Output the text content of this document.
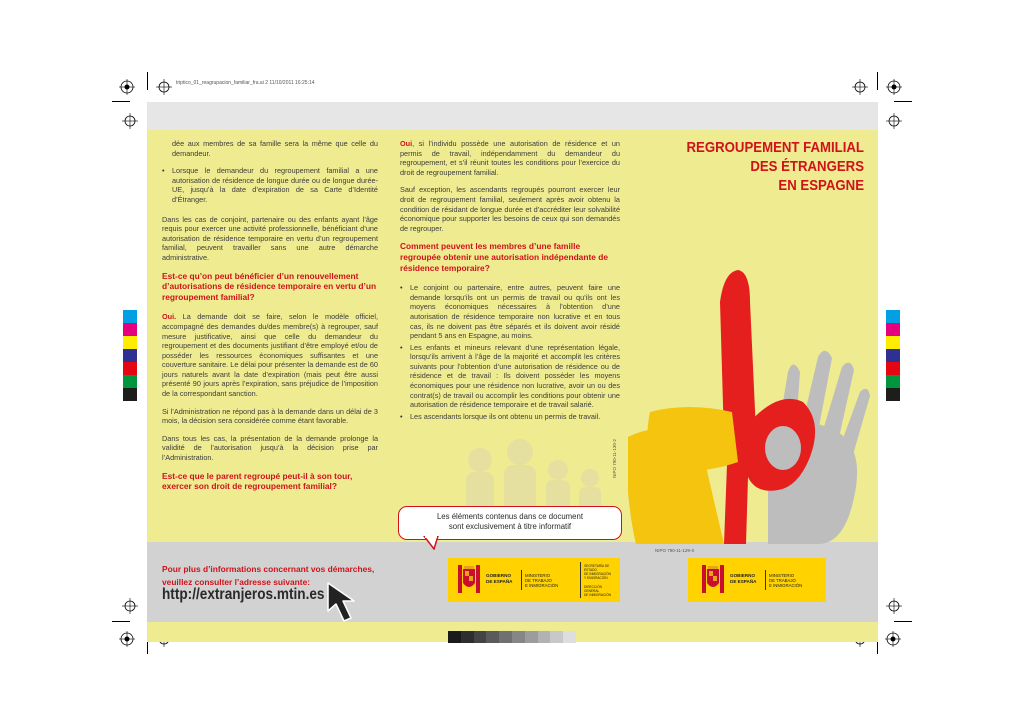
triptico_01_reagrupacion_familiar_fra.ai 2 11/10/2011 16:25:14

dée aux membres de sa famille sera la même que celle du demandeur.

• Lorsque le demandeur du regroupement familial a une autorisation de résidence de longue durée ou de longue durée-UE, jusqu’à la date d’expiration de sa Carte d’Identité d’Étranger.

Dans les cas de conjoint, partenaire ou des enfants ayant l’âge requis pour exercer une activité professionnelle, bénéficiant d’une autorisation de résidence temporaire en vertu d’un regroupement familial, peuvent travailler sans une autre démarche administrative.

Est-ce qu’on peut bénéficier d’un renouvellement d’autorisations de résidence temporaire en vertu d’un regroupement familial?

Oui. La demande doit se faire, selon le modèle officiel, accompagné des demandes du/des membre(s) à regrouper, sauf mesure justificative, ainsi que celle du demandeur du regroupement et des documents justifiant d’être employé et/ou de posséder les ressources économiques suffisantes et une couverture sanitaire. Le délai pour présenter la demande est de 60 jours naturels avant la date d’expiration (mais peut être aussi présenté 90 jours après l’expiration, sans préjudice de l’imposition de la correspondant sanction.

Si l’Administration ne répond pas à la demande dans un délai de 3 mois, la décision sera considérée comme étant favorable.

Dans tous les cas, la présentation de la demande prolonge la validité de l’autorisation jusqu’à la décision prise par l’Administration.

Est-ce que le parent regroupé peut-il à son tour, exercer son droit de regroupement familial?

Oui, si l’individu possède une autorisation de résidence et un permis de travail, indépendamment du demandeur du regroupement, et s’il réunit toutes les conditions pour l’exercice du droit de regroupement familial.

Sauf exception, les ascendants regroupés pourront exercer leur droit de regroupement familial, seulement après avoir obtenu la condition de résidant de longue durée et d’accréditer leur solvabilité économique pour supporter les besoins de ceux qui son demandés de regrouper.

Comment peuvent les membres d’une famille regroupée obtenir une autorisation indépendante de résidence temporaire?
• Le conjoint ou partenaire, entre autres, peuvent faire une demande lorsqu’ils ont un permis de travail ou qu’ils ont les moyens économiques nécessaires à l’obtention d’une autorisation de résidence temporaire non lucrative et en tous cas, ils ne doivent pas être séparés et ils doivent avoir résidé pendant 5 ans en Espagne, au moins.
• Les enfants et mineurs relevant d’une représentation légale, lorsqu’ils arrivent à l’âge de la majorité et accomplit les critères suivants pour l’obtention d’une autorisation de résidence ou de résidence et de travail : Ils doivent posséder les moyens économiques pour une résidence non lucrative, avoir un ou des contrat(s) de travail ou accomplir les conditions pour obtenir une autorisation de résidence temporaire et de travail salarié.
• Les ascendants lorsque ils ont obtenu un permis de travail.
REGROUPEMENT FAMILIAL
DES ÉTRANGERS
EN ESPAGNE
NIPO 790-11-130-2
Les éléments contenus dans ce document
sont exclusivement à titre informatif
NIPO 790-11-129-X
Pour plus d’informations concernant vos démarches,
veuillez consulter l’adresse suivante:
http://extranjeros.mtin.es
GOBIERNO
DE ESPAÑA
MINISTERIO
DE TRABAJO
E INMIGRACIÓN
SECRETARÍA DE ESTADO
DE INMIGRACIÓN
Y EMIGRACIÓN
DIRECCIÓN
GENERAL
DE INMIGRACIÓN
GOBIERNO
DE ESPAÑA
MINISTERIO
DE TRABAJO
E INMIGRACIÓN
